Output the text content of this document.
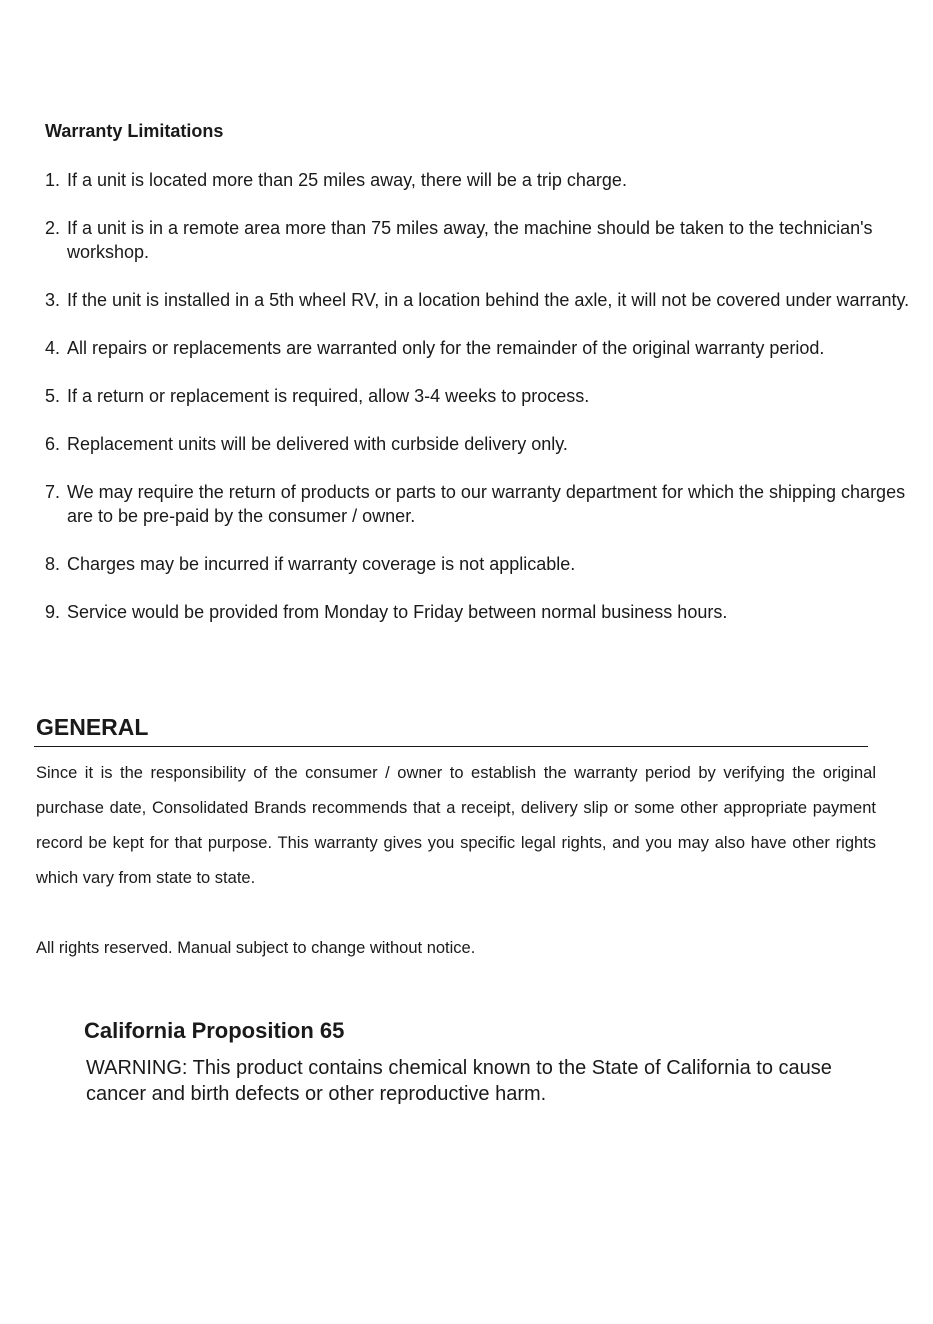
Warranty Limitations
1. If a unit is located more than 25 miles away, there will be a trip charge.
2. If a unit is in a remote area more than 75 miles away, the machine should be taken to the technician's workshop.
3. If the unit is installed in a 5th wheel RV, in a location behind the axle, it will not be covered under warranty.
4. All repairs or replacements are warranted only for the remainder of the original warranty period.
5. If a return or replacement is required, allow 3-4 weeks to process.
6. Replacement units will be delivered with curbside delivery only.
7. We may require the return of products or parts to our warranty department for which the shipping charges are to be pre-paid by the consumer / owner.
8. Charges may be incurred if warranty coverage is not applicable.
9. Service would be provided from Monday to Friday between normal business hours.
GENERAL

Since it is the responsibility of the consumer / owner to establish the warranty period by verifying the original purchase date, Consolidated Brands recommends that a receipt, delivery slip or some other appropriate payment record be kept for that purpose. This warranty gives you specific legal rights, and you may also have other rights which vary from state to state.

All rights reserved. Manual subject to change without notice.

California Proposition 65

WARNING: This product contains chemical known to the State of California to cause cancer and birth defects or other reproductive harm.
